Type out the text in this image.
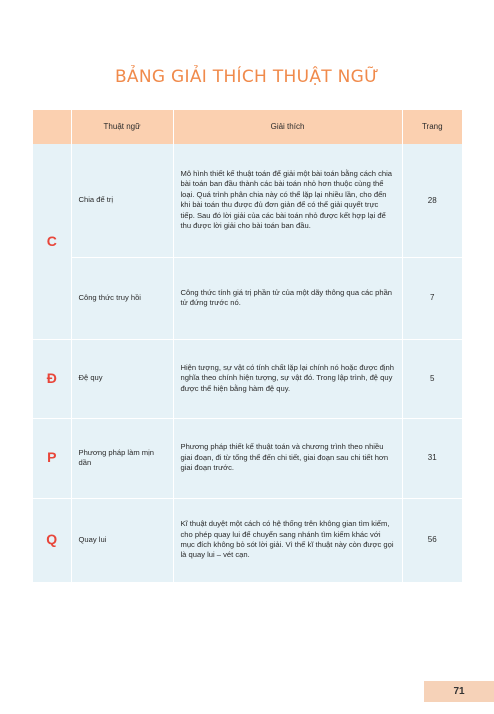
BẢNG GIẢI THÍCH THUẬT NGỮ
	Thuật ngữ	Giải thích	Trang
C	Chia để trị	Mô hình thiết kế thuật toán để giải một bài toán bằng cách chia bài toán ban đầu thành các bài toán nhỏ hơn thuộc cùng thể loại. Quá trình phân chia này có thể lặp lại nhiều lần, cho đến khi bài toán thu được đủ đơn giản để có thể giải quyết trực tiếp. Sau đó lời giải của các bài toán nhỏ được kết hợp lại để thu được lời giải cho bài toán ban đầu.	28
	Công thức truy hồi	Công thức tính giá trị phần tử của một dãy thông qua các phần tử đứng trước nó.	7
Đ	Đệ quy	Hiện tượng, sự vật có tính chất lặp lại chính nó hoặc được định nghĩa theo chính hiện tượng, sự vật đó. Trong lập trình, đệ quy được thể hiện bằng hàm đệ quy.	5
P	Phương pháp làm mịn dần	Phương pháp thiết kế thuật toán và chương trình theo nhiều giai đoạn, đi từ tổng thể đến chi tiết, giai đoạn sau chi tiết hơn giai đoạn trước.	31
Q	Quay lui	Kĩ thuật duyệt một cách có hệ thống trên không gian tìm kiếm, cho phép quay lui để chuyển sang nhánh tìm kiếm khác với mục đích không bỏ sót lời giải. Vì thế kĩ thuật này còn được gọi là quay lui – vét cạn.	56
71
